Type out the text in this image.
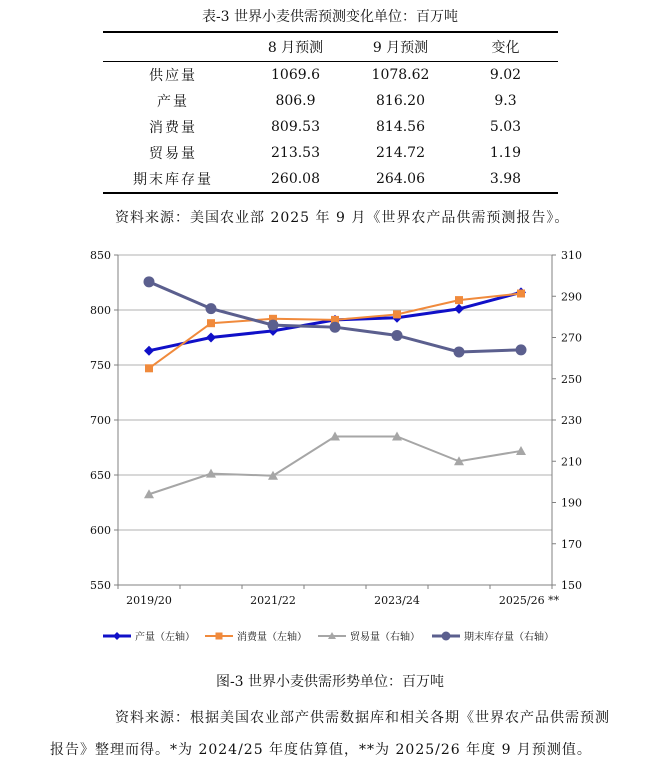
表-3 世界小麦供需预测变化单位：百万吨
	8 月预测	9 月预测	变化
供应量	1069.6	1078.62	9.02
产量	806.9	816.20	9.3
消费量	809.53	814.56	5.03
贸易量	213.53	214.72	1.19
期末库存量	260.08	264.06	3.98
资料来源：美国农业部 2025 年 9 月《世界农产品供需预测报告》。
550
600
650
700
750
800
850
150
170
190
210
230
250
270
290
310
2019/20	2021/22	2023/24	2025/26 **
产量（左轴）	消费量（左轴）	贸易量（右轴）	期末库存量（右轴）
图-3 世界小麦供需形势单位：百万吨
资料来源：根据美国农业部产供需数据库和相关各期《世界农产品供需预测报告》整理而得。*为 2024/25 年度估算值，**为 2025/26 年度 9 月预测值。
